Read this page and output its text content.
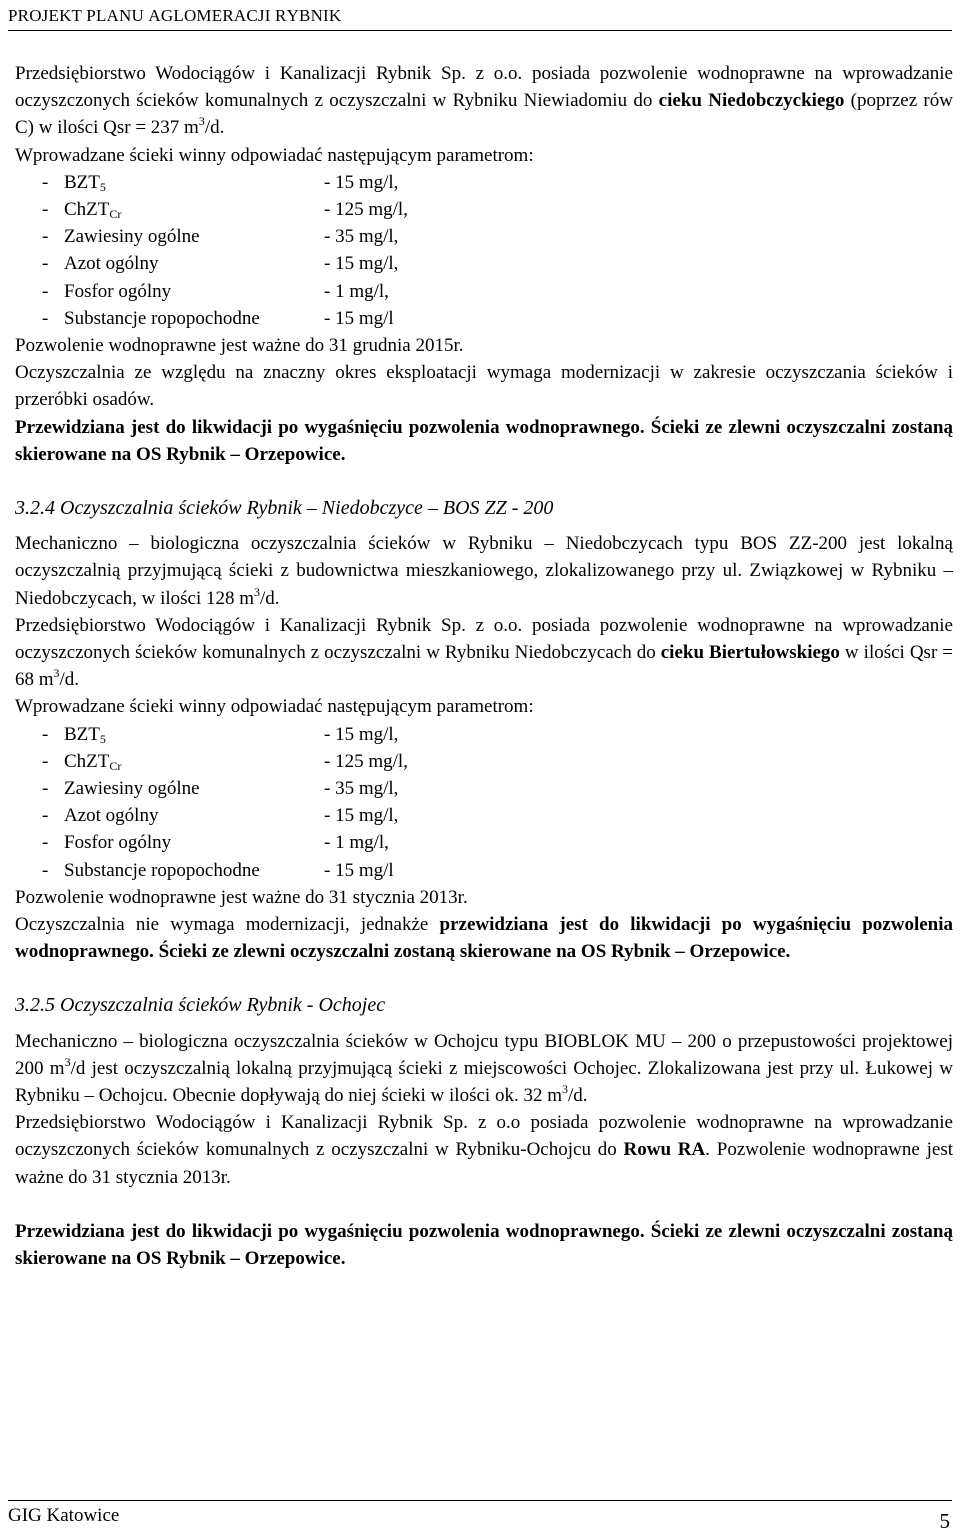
PROJEKT PLANU AGLOMERACJI RYBNIK

Przedsiębiorstwo Wodociągów i Kanalizacji Rybnik Sp. z o.o. posiada pozwolenie wodnoprawne na wprowadzanie oczyszczonych ścieków komunalnych z oczyszczalni w Rybniku Niewiadomiu do cieku Niedobczyckiego (poprzez rów C) w ilości Qsr = 237 $m^3/d$.

Wprowadzane ścieki winny odpowiadać następującym parametrom:

- $BZT_5$	- 15 mg/l,
- ChZT$_{Cr}$	- 125 mg/l,
- Zawiesiny ogólne	- 35 mg/l,
- Azot ogólny	- 15 mg/l,
- Fosfor ogólny	- 1 mg/l,
- Substancje ropopochodne	- 15 mg/l

Pozwolenie wodnoprawne jest ważne do 31 grudnia 2015r.

Oczyszczalnia ze względu na znaczny okres eksploatacji wymaga modernizacji w zakresie oczyszczania ścieków i przeróbki osadów.

Przewidziana jest do likwidacji po wygaśnięciu pozwolenia wodnoprawnego. Ścieki ze zlewni oczyszczalni zostaną skierowane na OS Rybnik – Orzepowice.

3.2.4 Oczyszczalnia ścieków Rybnik – Niedobczyce – BOS ZZ - 200

Mechaniczno – biologiczna oczyszczalnia ścieków w Rybniku – Niedobczycach typu BOS ZZ-200 jest lokalną oczyszczalnią przyjmującą ścieki z budownictwa mieszkaniowego, zlokalizowanego przy ul. Związkowej w Rybniku – Niedobczycach, w ilości 128 $m^3/d$.

Przedsiębiorstwo Wodociągów i Kanalizacji Rybnik Sp. z o.o. posiada pozwolenie wodnoprawne na wprowadzanie oczyszczonych ścieków komunalnych z oczyszczalni w Rybniku Niedobczycach do cieku Biertułowskiego w ilości Qsr = 68 $m^3/d$.

Wprowadzane ścieki winny odpowiadać następującym parametrom:

- $BZT_5$	- 15 mg/l,
- ChZT$_{Cr}$	- 125 mg/l,
- Zawiesiny ogólne	- 35 mg/l,
- Azot ogólny	- 15 mg/l,
- Fosfor ogólny	- 1 mg/l,
- Substancje ropopochodne	- 15 mg/l

Pozwolenie wodnoprawne jest ważne do 31 stycznia 2013r.

Oczyszczalnia nie wymaga modernizacji, jednakże przewidziana jest do likwidacji po wygaśnięciu pozwolenia wodnoprawnego. Ścieki ze zlewni oczyszczalni zostaną skierowane na OS Rybnik – Orzepowice.

3.2.5 Oczyszczalnia ścieków Rybnik - Ochojec

Mechaniczno – biologiczna oczyszczalnia ścieków w Ochojcu typu BIOBLOK MU – 200 o przepustowości projektowej 200 $m^3/d$ jest oczyszczalnią lokalną przyjmującą ścieki z miejscowości Ochojec. Zlokalizowana jest przy ul. Łukowej w Rybniku – Ochojcu. Obecnie dopływają do niej ścieki w ilości ok. 32 $m^3/d$.

Przedsiębiorstwo Wodociągów i Kanalizacji Rybnik Sp. z o.o posiada pozwolenie wodnoprawne na wprowadzanie oczyszczonych ścieków komunalnych z oczyszczalni w Rybniku-Ochojcu do Rowu RA. Pozwolenie wodnoprawne jest ważne do 31 stycznia 2013r.

Przewidziana jest do likwidacji po wygaśnięciu pozwolenia wodnoprawnego. Ścieki ze zlewni oczyszczalni zostaną skierowane na OS Rybnik – Orzepowice.

GIG Katowice	5
